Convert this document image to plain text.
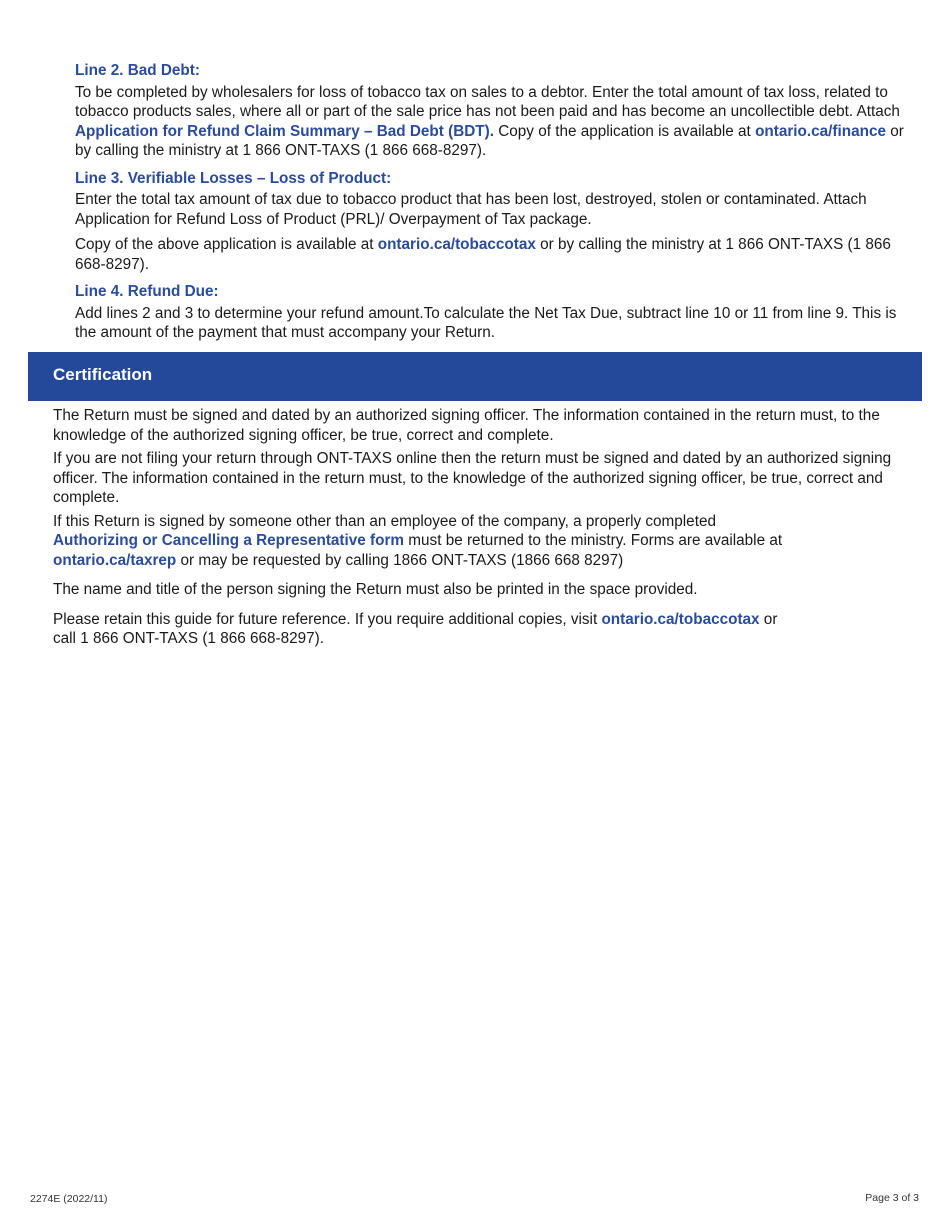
Line 2. Bad Debt:

To be completed by wholesalers for loss of tobacco tax on sales to a debtor. Enter the total amount of tax loss, related to tobacco products sales, where all or part of the sale price has not been paid and has become an uncollectible debt. Attach Application for Refund Claim Summary – Bad Debt (BDT). Copy of the application is available at ontario.ca/finance or by calling the ministry at 1 866 ONT-TAXS (1 866 668-8297).

Line 3. Verifiable Losses – Loss of Product:

Enter the total tax amount of tax due to tobacco product that has been lost, destroyed, stolen or contaminated. Attach Application for Refund Loss of Product (PRL)/ Overpayment of Tax package.

Copy of the above application is available at ontario.ca/tobaccotax or by calling the ministry at 1 866 ONT-TAXS (1 866 668-8297).

Line 4. Refund Due:

Add lines 2 and 3 to determine your refund amount.To calculate the Net Tax Due, subtract line 10 or 11 from line 9. This is the amount of the payment that must accompany your Return.

Certification

The Return must be signed and dated by an authorized signing officer. The information contained in the return must, to the knowledge of the authorized signing officer, be true, correct and complete.

If you are not filing your return through ONT-TAXS online then the return must be signed and dated by an authorized signing officer. The information contained in the return must, to the knowledge of the authorized signing officer, be true, correct and complete.

If this Return is signed by someone other than an employee of the company, a properly completed
Authorizing or Cancelling a Representative form must be returned to the ministry. Forms are available at
ontario.ca/taxrep or may be requested by calling 1866 ONT-TAXS (1866 668 8297)

The name and title of the person signing the Return must also be printed in the space provided.

Please retain this guide for future reference. If you require additional copies, visit ontario.ca/tobaccotax or
call 1 866 ONT-TAXS (1 866 668-8297).

2274E (2022/11)	Page 3 of 3
